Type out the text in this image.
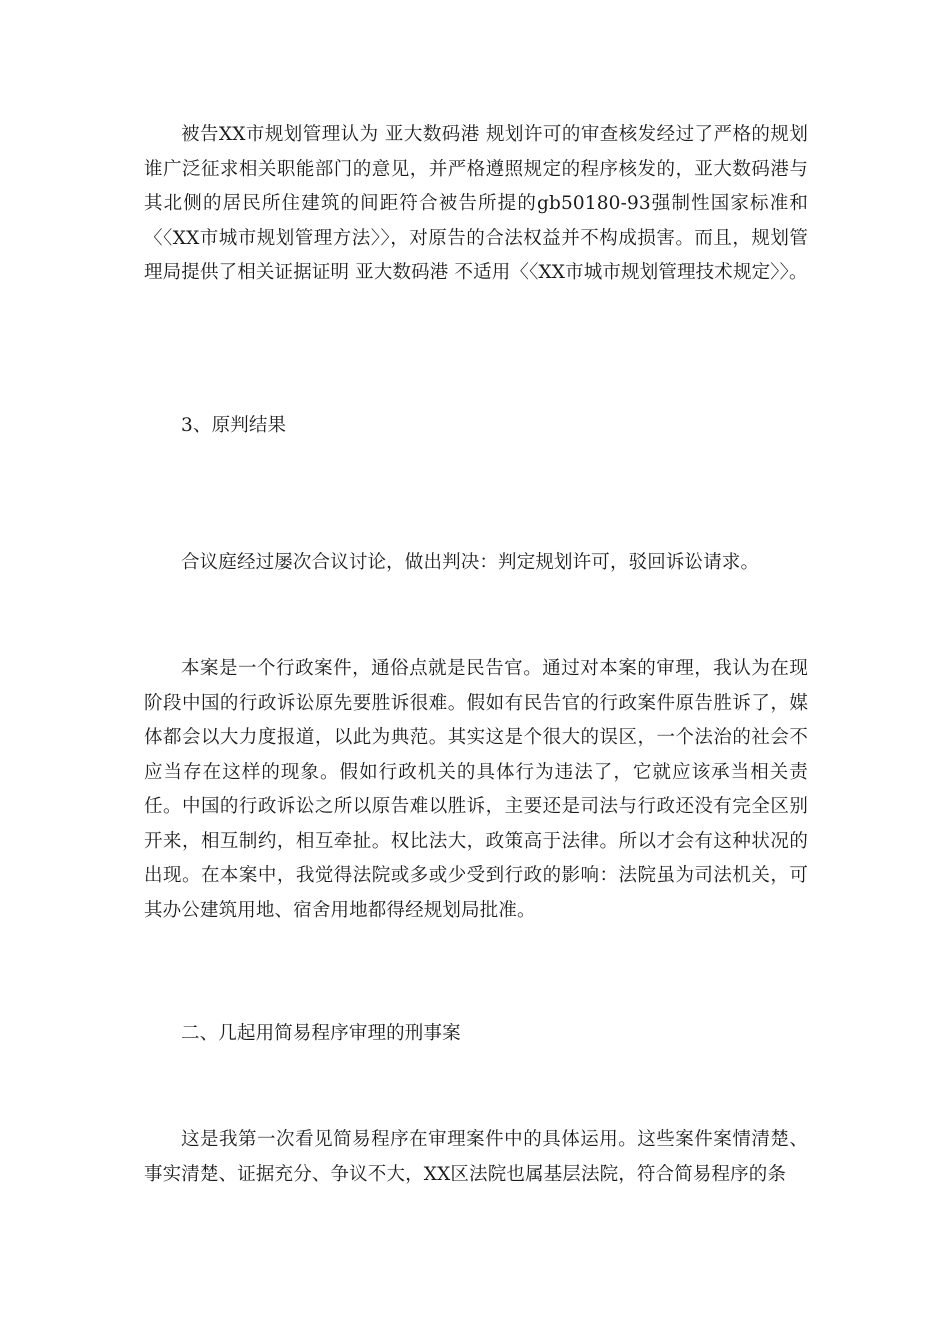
被告XX市规划管理认为 亚大数码港 规划许可的审查核发经过了严格的规划谁广泛征求相关职能部门的意见，并严格遵照规定的程序核发的，亚大数码港与其北侧的居民所住建筑的间距符合被告所提的gb50180-93强制性国家标准和〈〈XX市城市规划管理方法〉〉，对原告的合法权益并不构成损害。而且，规划管理局提供了相关证据证明 亚大数码港 不适用〈〈XX市城市规划管理技术规定〉〉。

3、原判结果

合议庭经过屡次合议讨论，做出判决：判定规划许可，驳回诉讼请求。

本案是一个行政案件，通俗点就是民告官。通过对本案的审理，我认为在现阶段中国的行政诉讼原先要胜诉很难。假如有民告官的行政案件原告胜诉了，媒体都会以大力度报道，以此为典范。其实这是个很大的误区，一个法治的社会不应当存在这样的现象。假如行政机关的具体行为违法了，它就应该承当相关责任。中国的行政诉讼之所以原告难以胜诉，主要还是司法与行政还没有完全区别开来，相互制约，相互牵扯。权比法大，政策高于法律。所以才会有这种状况的出现。在本案中，我觉得法院或多或少受到行政的影响：法院虽为司法机关，可其办公建筑用地、宿舍用地都得经规划局批准。

二、几起用简易程序审理的刑事案

这是我第一次看见简易程序在审理案件中的具体运用。这些案件案情清楚、事实清楚、证据充分、争议不大，XX区法院也属基层法院，符合简易程序的条
